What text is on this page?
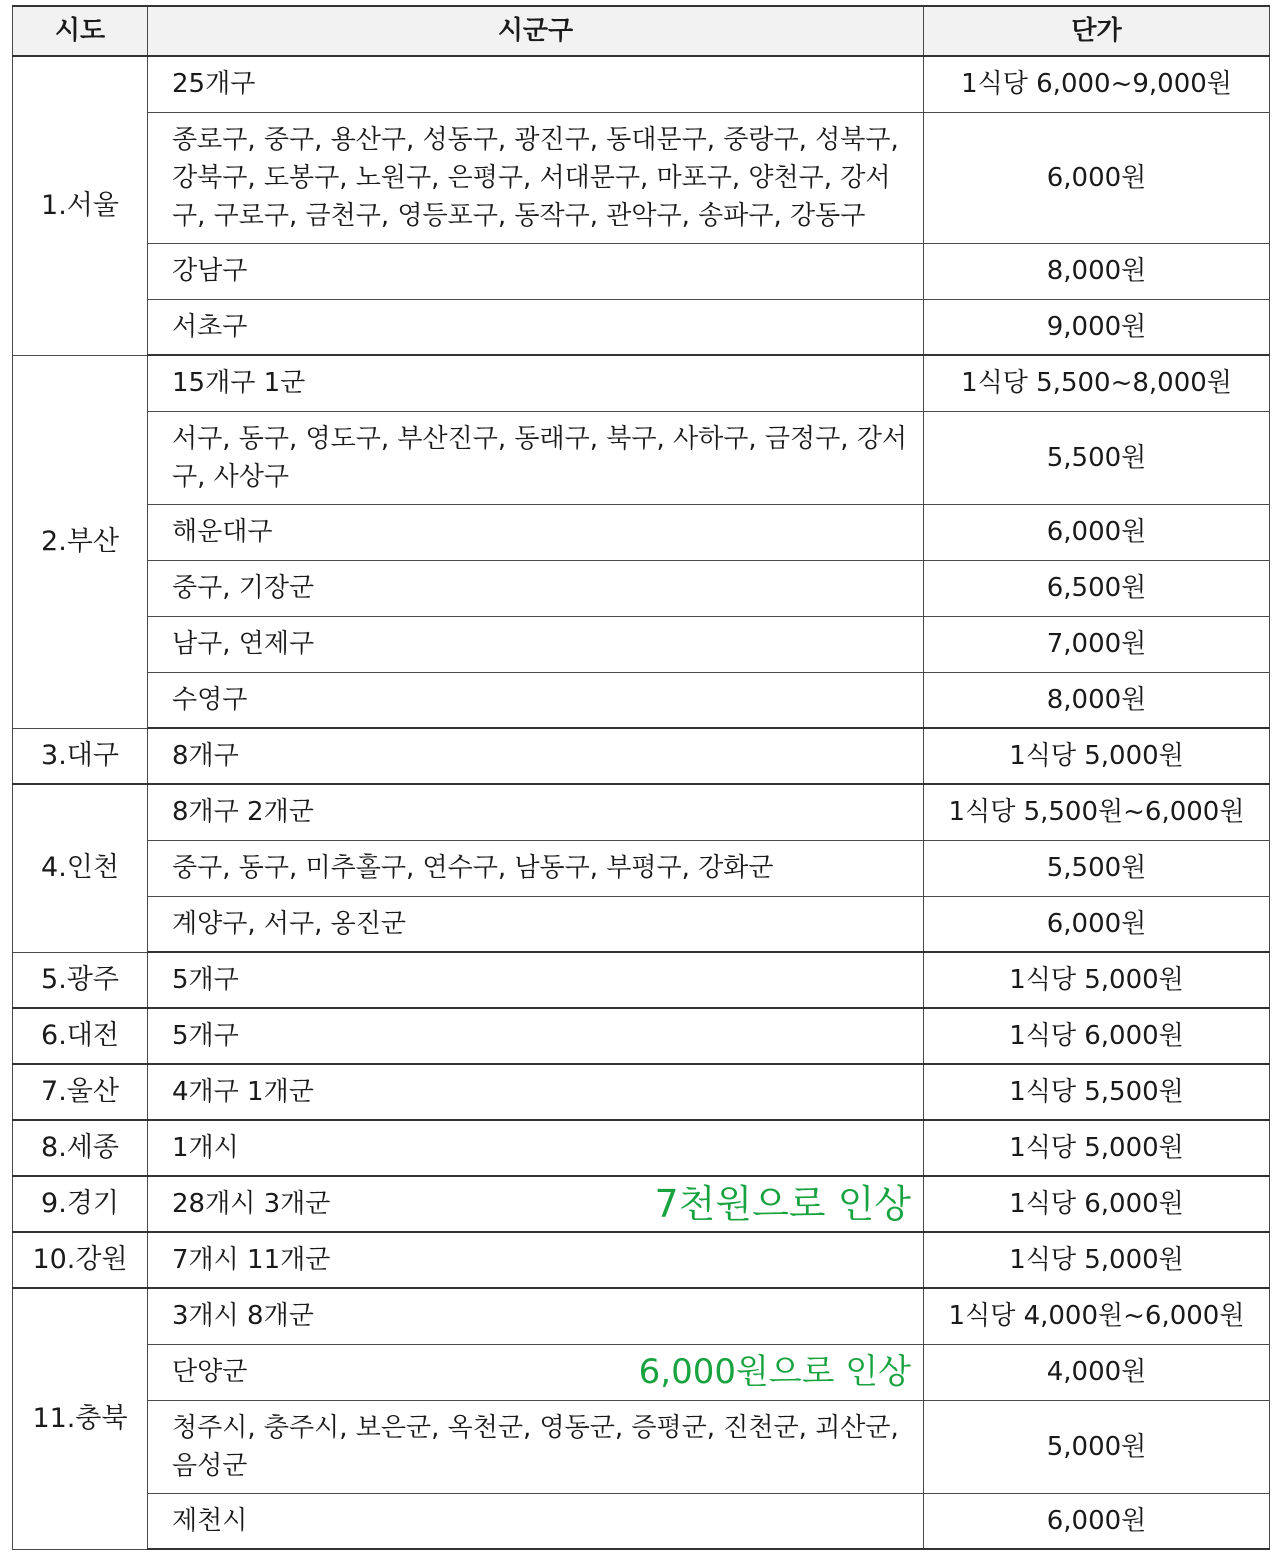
시도	시군구	단가
1.서울	25개구	1식당 6,000~9,000원
	종로구, 중구, 용산구, 성동구, 광진구, 동대문구, 중랑구, 성북구, 강북구, 도봉구, 노원구, 은평구, 서대문구, 마포구, 양천구, 강서구, 구로구, 금천구, 영등포구, 동작구, 관악구, 송파구, 강동구	6,000원
	강남구	8,000원
	서초구	9,000원
2.부산	15개구 1군	1식당 5,500~8,000원
	서구, 동구, 영도구, 부산진구, 동래구, 북구, 사하구, 금정구, 강서구, 사상구	5,500원
	해운대구	6,000원
	중구, 기장군	6,500원
	남구, 연제구	7,000원
	수영구	8,000원
3.대구	8개구	1식당 5,000원
4.인천	8개구 2개군	1식당 5,500원~6,000원
	중구, 동구, 미추홀구, 연수구, 남동구, 부평구, 강화군	5,500원
	계양구, 서구, 옹진군	6,000원
5.광주	5개구	1식당 5,000원
6.대전	5개구	1식당 6,000원
7.울산	4개구 1개군	1식당 5,500원
8.세종	1개시	1식당 5,000원
9.경기	28개시 3개군 7천원으로 인상	1식당 6,000원
10.강원	7개시 11개군	1식당 5,000원
11.충북	3개시 8개군	1식당 4,000원~6,000원
	단양군 6,000원으로 인상	4,000원
	청주시, 충주시, 보은군, 옥천군, 영동군, 증평군, 진천군, 괴산군, 음성군	5,000원
	제천시	6,000원
